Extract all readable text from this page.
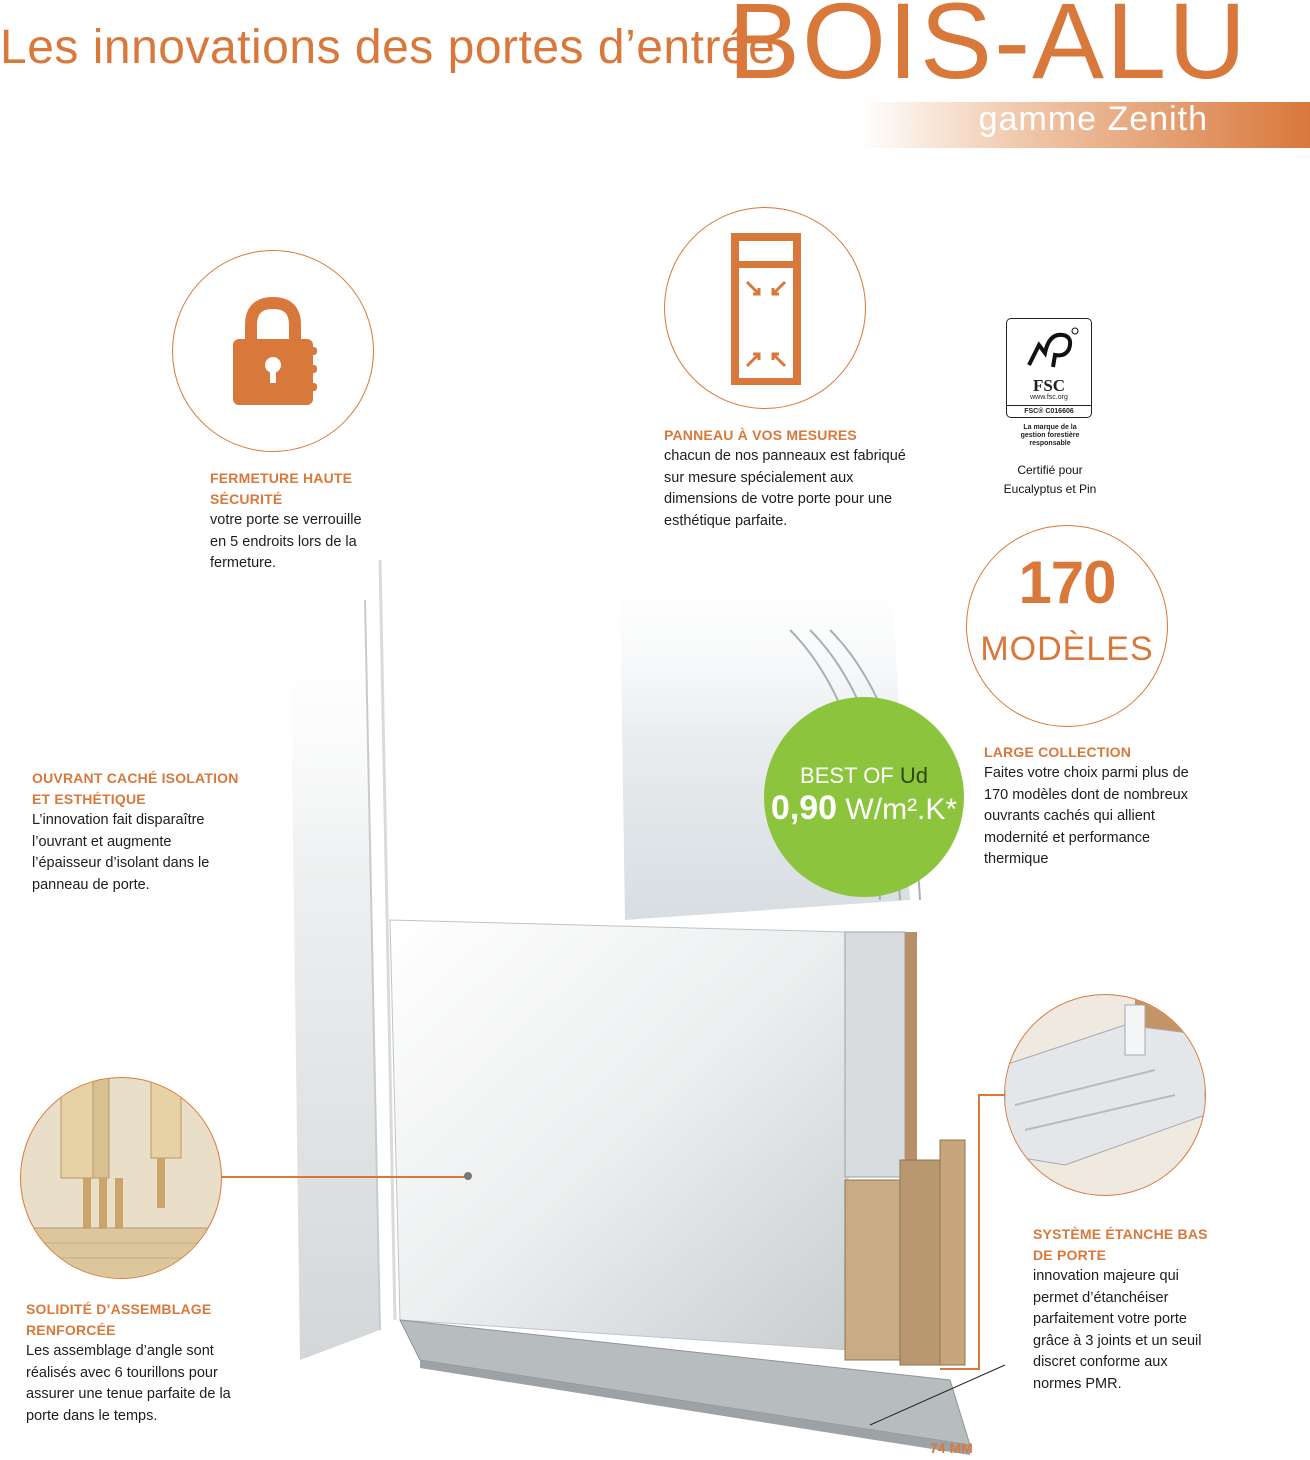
Les innovations des portes d’entrée
BOIS-ALU
gamme Zenith
FERMETURE HAUTE SÉCURITÉ
votre porte se verrouille en 5 endroits lors de la fermeture.
PANNEAU À VOS MESURES
chacun de nos panneaux est fabriqué sur mesure spécialement aux dimensions de votre porte pour une esthétique parfaite.
FSC
www.fsc.org
FSC® C016606
La marque de la gestion forestière responsable
Certifié pour
Eucalyptus et Pin
170
MODÈLES
LARGE COLLECTION
Faites votre choix parmi plus de 170 modèles dont de nombreux ouvrants cachés qui allient modernité et performance thermique
BEST OF Ud
0,90 W/m².K*
OUVRANT CACHÉ ISOLATION ET ESTHÉTIQUE
L’innovation fait disparaître l’ouvrant et augmente l’épaisseur d’isolant dans le panneau de porte.
SOLIDITÉ D’ASSEMBLAGE RENFORCÉE
Les assemblage d’angle sont réalisés avec 6 tourillons pour assurer une tenue parfaite de la porte dans le temps.
SYSTÈME ÉTANCHE BAS DE PORTE
innovation majeure qui permet d’étanchéiser parfaitement votre porte grâce à 3 joints et un seuil discret conforme aux normes PMR.
74 MM
